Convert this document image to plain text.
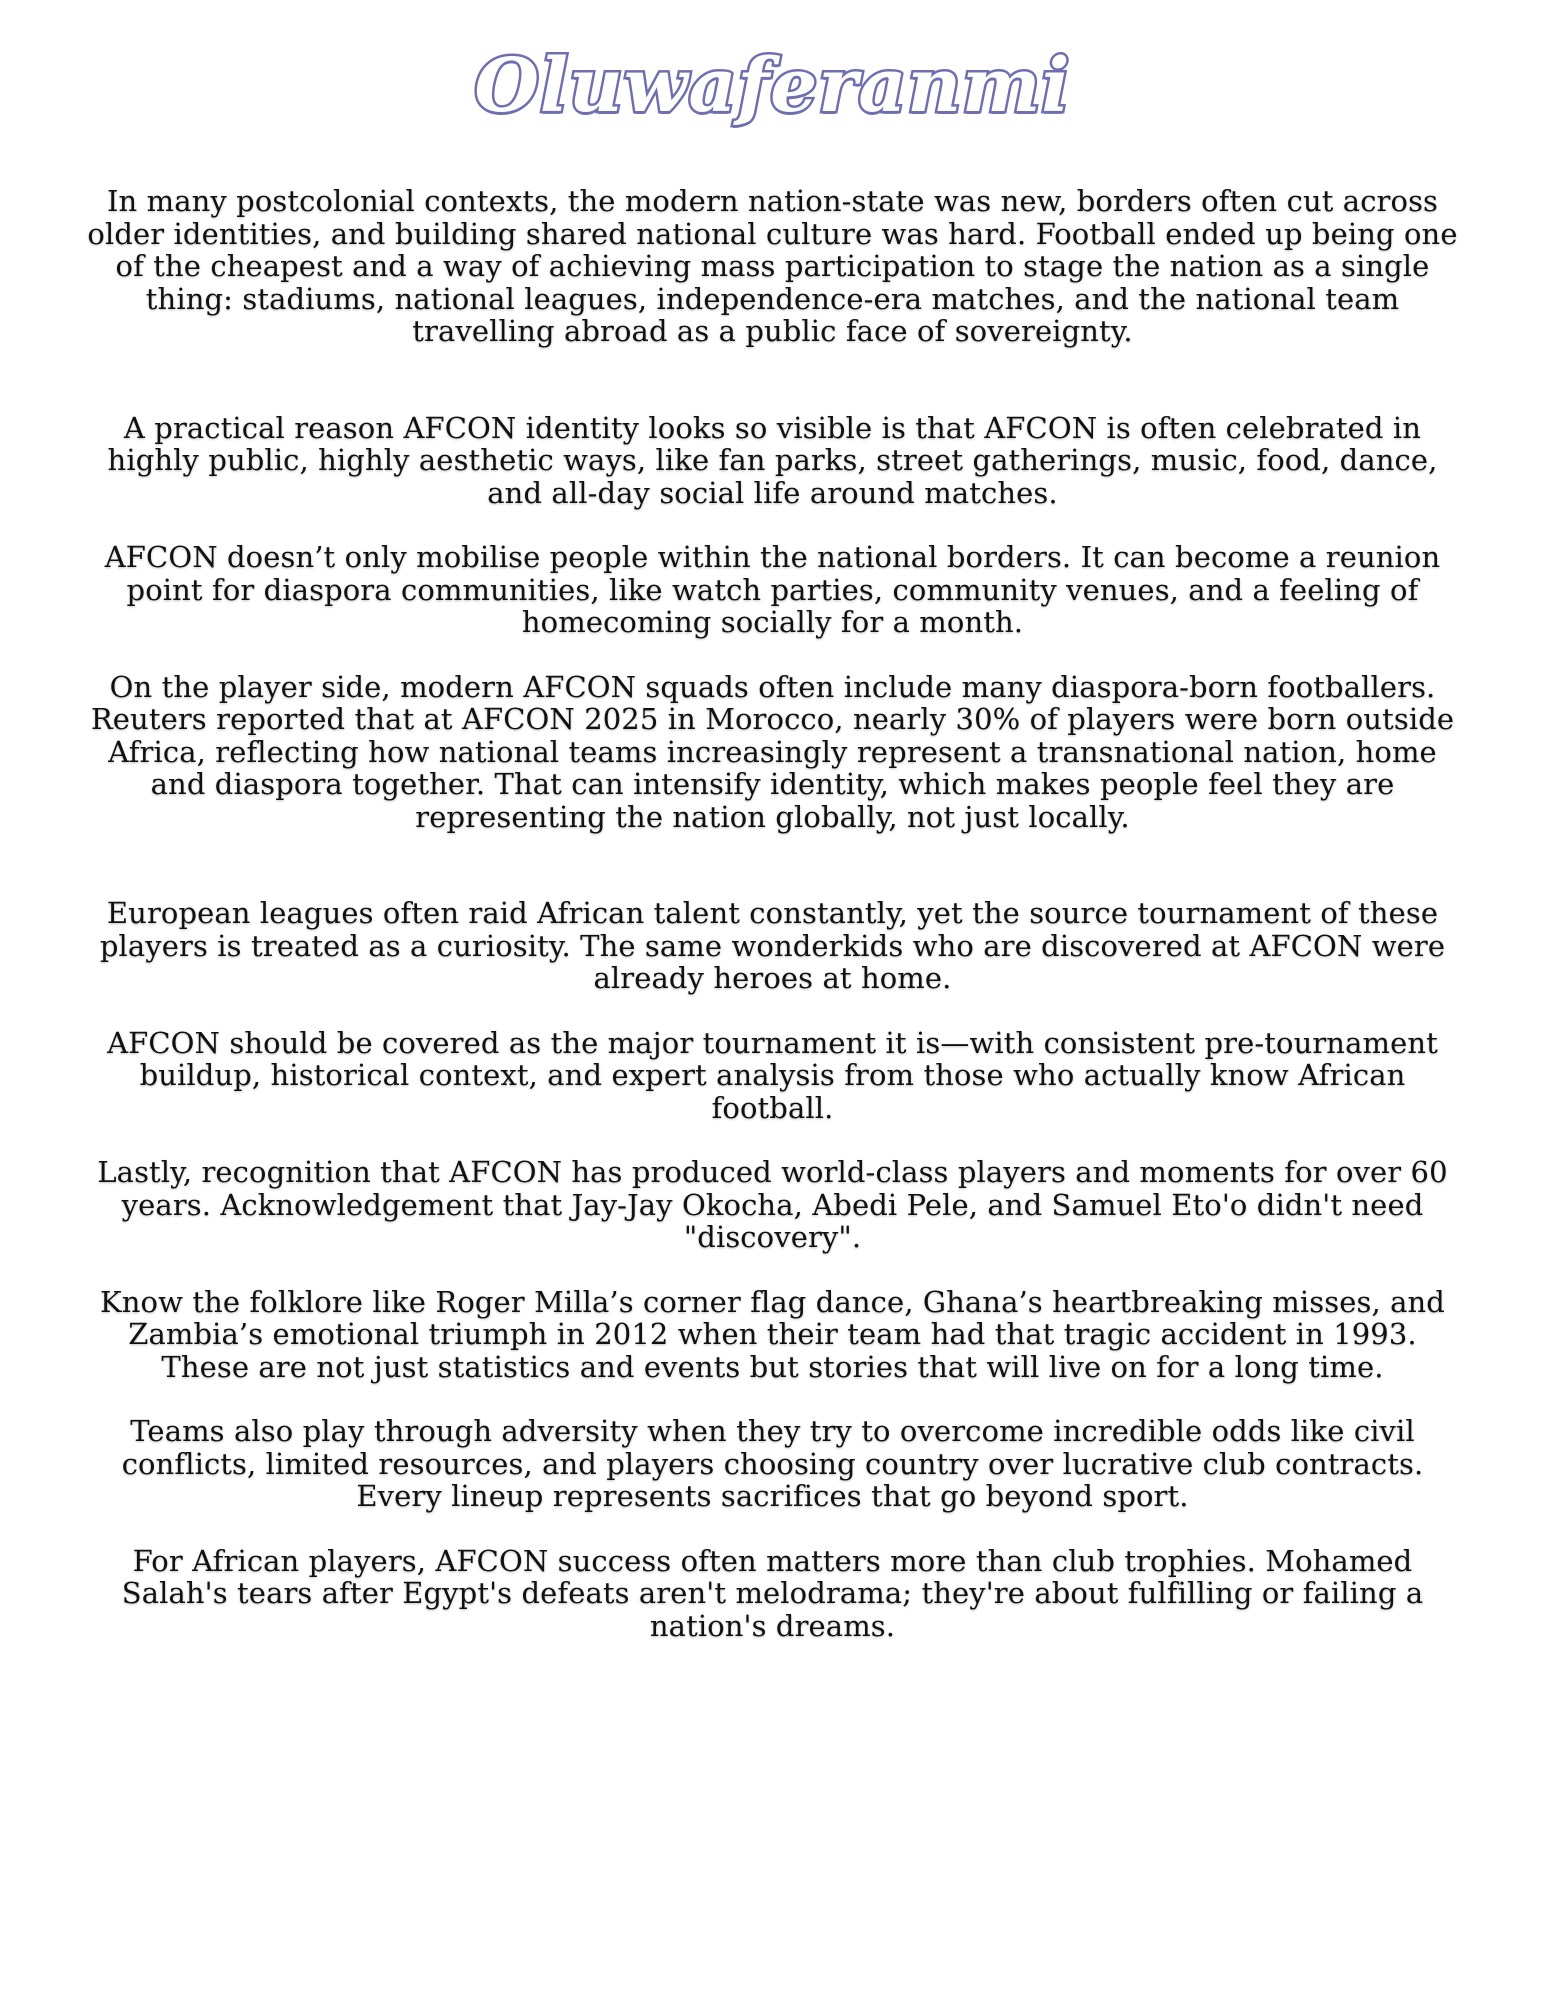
Oluwaferanmi

In many postcolonial contexts, the modern nation-state was new, borders often cut across older identities, and building shared national culture was hard. Football ended up being one of the cheapest and a way of achieving mass participation to stage the nation as a single thing: stadiums, national leagues, independence-era matches, and the national team travelling abroad as a public face of sovereignty.

A practical reason AFCON identity looks so visible is that AFCON is often celebrated in highly public, highly aesthetic ways, like fan parks, street gatherings, music, food, dance, and all-day social life around matches.

AFCON doesn’t only mobilise people within the national borders. It can become a reunion point for diaspora communities, like watch parties, community venues, and a feeling of homecoming socially for a month.

On the player side, modern AFCON squads often include many diaspora-born footballers. Reuters reported that at AFCON 2025 in Morocco, nearly 30% of players were born outside Africa, reflecting how national teams increasingly represent a transnational nation, home and diaspora together. That can intensify identity, which makes people feel they are representing the nation globally, not just locally.

European leagues often raid African talent constantly, yet the source tournament of these players is treated as a curiosity. The same wonderkids who are discovered at AFCON were already heroes at home.

AFCON should be covered as the major tournament it is—with consistent pre-tournament buildup, historical context, and expert analysis from those who actually know African football.

Lastly, recognition that AFCON has produced world-class players and moments for over 60 years. Acknowledgement that Jay-Jay Okocha, Abedi Pele, and Samuel Eto'o didn't need "discovery".

Know the folklore like Roger Milla’s corner flag dance, Ghana’s heartbreaking misses, and Zambia’s emotional triumph in 2012 when their team had that tragic accident in 1993. These are not just statistics and events but stories that will live on for a long time.

Teams also play through adversity when they try to overcome incredible odds like civil conflicts, limited resources, and players choosing country over lucrative club contracts. Every lineup represents sacrifices that go beyond sport.

For African players, AFCON success often matters more than club trophies. Mohamed Salah's tears after Egypt's defeats aren't melodrama; they're about fulfilling or failing a nation's dreams.
